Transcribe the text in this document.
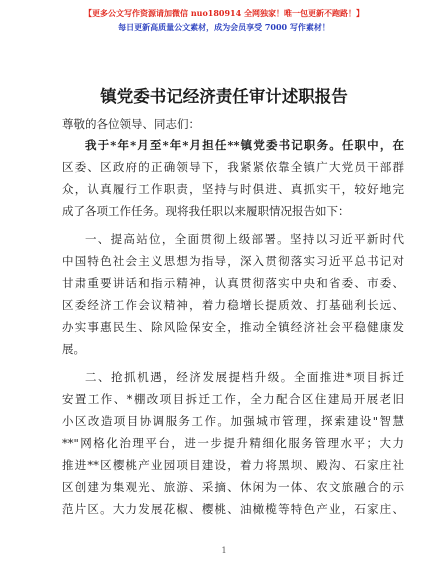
【更多公文写作资源请加微信 nuo180914 全网独家！唯一包更新不跑路！】
每日更新高质量公文素材，成为会员享受 7000 写作素材！
镇党委书记经济责任审计述职报告
尊敬的各位领导、同志们：
我于*年*月至*年*月担任**镇党委书记职务。任职中，在
区委、区政府的正确领导下，我紧紧依靠全镇广大党员干部群
众，认真履行工作职责，坚持与时俱进、真抓实干，较好地完
成了各项工作任务。现将我任职以来履职情况报告如下：
一、提高站位，全面贯彻上级部署。坚持以习近平新时代
中国特色社会主义思想为指导，深入贯彻落实习近平总书记对
甘肃重要讲话和指示精神，认真贯彻落实中央和省委、市委、
区委经济工作会议精神，着力稳增长提质效、打基础利长远、
办实事惠民生、除风险保安全，推动全镇经济社会平稳健康发
展。
二、抢抓机遇，经济发展提档升级。全面推进*项目拆迁
安置工作、*棚改项目拆迁工作，全力配合区住建局开展老旧
小区改造项目协调服务工作。加强城市管理，探索建设"智慧
**"网格化治理平台，进一步提升精细化服务管理水平；大力
推进**区樱桃产业园项目建设，着力将黑坝、殿沟、石家庄社
区创建为集观光、旅游、采摘、休闲为一体、农文旅融合的示
范片区。大力发展花椒、樱桃、油橄榄等特色产业，石家庄、
1
